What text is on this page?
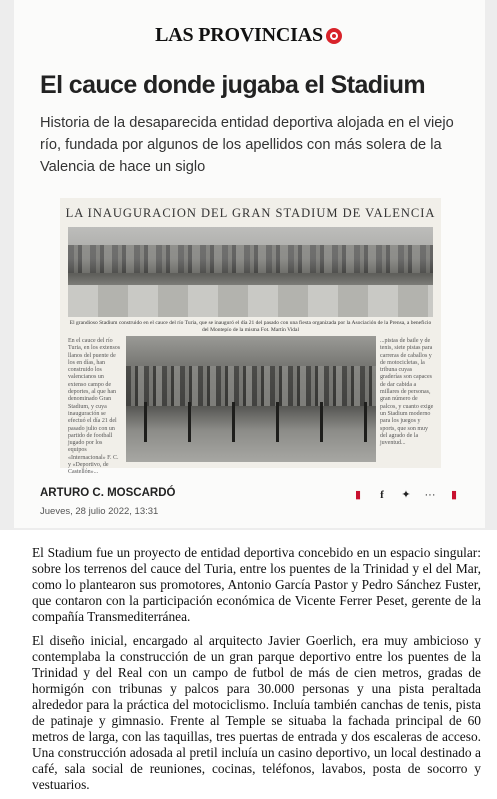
LAS PROVINCIAS
El cauce donde jugaba el Stadium

Historia de la desaparecida entidad deportiva alojada en el viejo río, fundada por algunos de los apellidos con más solera de la Valencia de hace un siglo

LA INAUGURACION DEL GRAN STADIUM DE VALENCIA
El grandioso Stadium construido en el cauce del río Turia, que se inauguró el día 21 del pasado con una fiesta organizada por la Asociación de la Prensa, a beneficio del Montepío de la misma Fot. Martín Vidal
En el cauce del río Turia, en los extensos llanos del puente de los en días, han construido los valencianos un extenso campo de deportes, al que han denominado Gran Stadium, y cuya inauguración se efectuó el día 21 del pasado julio con un partido de football jugado por los equipos «Internacional» F. C. y «Deportivo, de Castellón»...
...pistas de baile y de tenis, siete pistas para carreras de caballos y de motocicletas, la tribuna cuyas graderías son capaces de dar cabida a millares de personas, gran número de palcos, y cuanto exige un Stadium moderno para los juegos y sports, que son muy del agrado de la juventud...
ARTURO C. MOSCARDÓ
Jueves, 28 julio 2022, 13:31
▮	f	✦	···	▮

El Stadium fue un proyecto de entidad deportiva concebido en un espacio singular: sobre los terrenos del cauce del Turia, entre los puentes de la Trinidad y el del Mar, como lo plantearon sus promotores, Antonio García Pastor y Pedro Sánchez Fuster, que contaron con la participación económica de Vicente Ferrer Peset, gerente de la compañía Transmediterránea.

El diseño inicial, encargado al arquitecto Javier Goerlich, era muy ambicioso y contemplaba la construcción de un gran parque deportivo entre los puentes de la Trinidad y del Real con un campo de futbol de más de cien metros, gradas de hormigón con tribunas y palcos para 30.000 personas y una pista peraltada alrededor para la práctica del motociclismo. Incluía también canchas de tenis, pista de patinaje y gimnasio. Frente al Temple se situaba la fachada principal de 60 metros de larga, con las taquillas, tres puertas de entrada y dos escaleras de acceso. Una construcción adosada al pretil incluía un casino deportivo, un local destinado a café, sala social de reuniones, cocinas, teléfonos, lavabos, posta de socorro y vestuarios.
